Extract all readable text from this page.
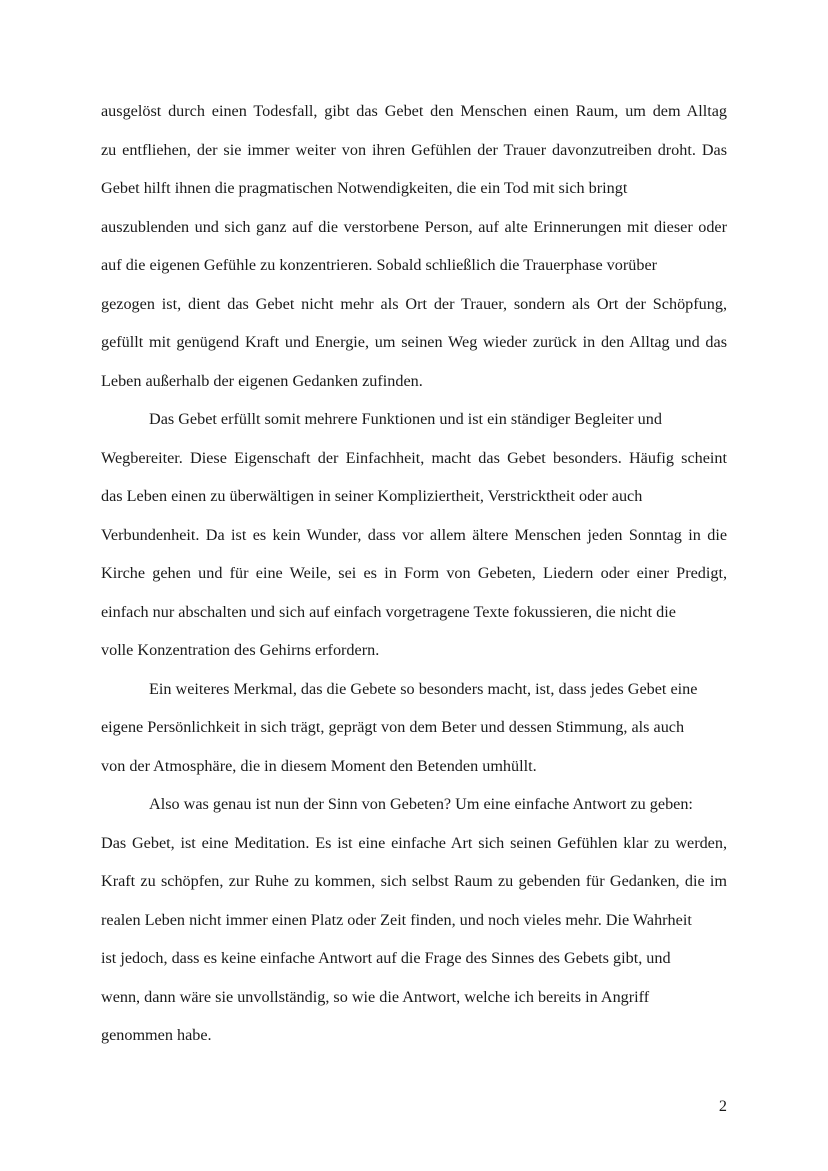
ausgelöst durch einen Todesfall, gibt das Gebet den Menschen einen Raum, um dem Alltag
zu entfliehen, der sie immer weiter von ihren Gefühlen der Trauer davonzutreiben droht. Das
Gebet hilft ihnen die pragmatischen Notwendigkeiten, die ein Tod mit sich bringt
auszublenden und sich ganz auf die verstorbene Person, auf alte Erinnerungen mit dieser oder
auf die eigenen Gefühle zu konzentrieren. Sobald schließlich die Trauerphase vorüber
gezogen ist, dient das Gebet nicht mehr als Ort der Trauer, sondern als Ort der Schöpfung,
gefüllt mit genügend Kraft und Energie, um seinen Weg wieder zurück in den Alltag und das
Leben außerhalb der eigenen Gedanken zufinden.
Das Gebet erfüllt somit mehrere Funktionen und ist ein ständiger Begleiter und
Wegbereiter. Diese Eigenschaft der Einfachheit, macht das Gebet besonders. Häufig scheint
das Leben einen zu überwältigen in seiner Kompliziertheit, Verstricktheit oder auch
Verbundenheit. Da ist es kein Wunder, dass vor allem ältere Menschen jeden Sonntag in die
Kirche gehen und für eine Weile, sei es in Form von Gebeten, Liedern oder einer Predigt,
einfach nur abschalten und sich auf einfach vorgetragene Texte fokussieren, die nicht die
volle Konzentration des Gehirns erfordern.
Ein weiteres Merkmal, das die Gebete so besonders macht, ist, dass jedes Gebet eine
eigene Persönlichkeit in sich trägt, geprägt von dem Beter und dessen Stimmung, als auch
von der Atmosphäre, die in diesem Moment den Betenden umhüllt.
Also was genau ist nun der Sinn von Gebeten? Um eine einfache Antwort zu geben:
Das Gebet, ist eine Meditation. Es ist eine einfache Art sich seinen Gefühlen klar zu werden,
Kraft zu schöpfen, zur Ruhe zu kommen, sich selbst Raum zu gebenden für Gedanken, die im
realen Leben nicht immer einen Platz oder Zeit finden, und noch vieles mehr. Die Wahrheit
ist jedoch, dass es keine einfache Antwort auf die Frage des Sinnes des Gebets gibt, und
wenn, dann wäre sie unvollständig, so wie die Antwort, welche ich bereits in Angriff
genommen habe.
2
